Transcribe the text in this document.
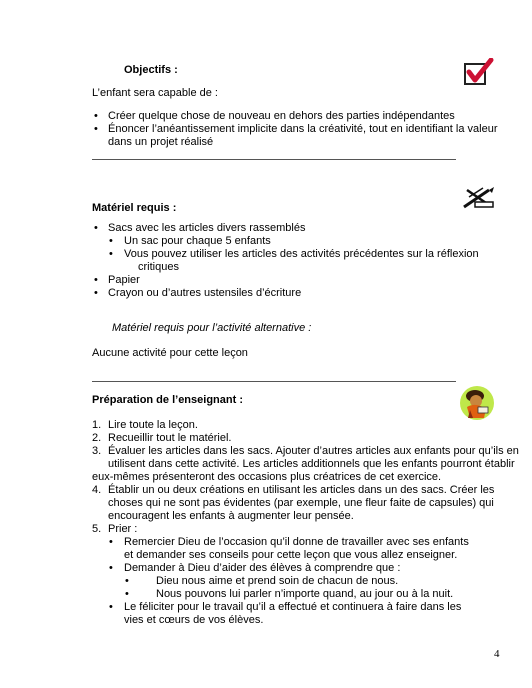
Objectifs :
L’enfant sera capable de :
• Créer quelque chose de nouveau en dehors des parties indépendantes
• Énoncer l’anéantissement implicite dans la créativité, tout en identifiant la valeur
dans un projet réalisé
Matériel requis :
• Sacs avec les articles divers rassemblés
• Un sac pour chaque 5 enfants
• Vous pouvez utiliser les articles des activités précédentes sur la réflexion
critiques
• Papier
• Crayon ou d’autres ustensiles d’écriture
Matériel requis pour l’activité alternative :
Aucune activité pour cette leçon
Préparation de l’enseignant :
1. Lire toute la leçon.
2. Recueillir tout le matériel.
3. Évaluer les articles dans les sacs. Ajouter d’autres articles aux enfants pour qu’ils en
utilisent dans cette activité. Les articles additionnels que les enfants pourront établir
eux-mêmes présenteront des occasions plus créatrices de cet exercice.
4. Établir un ou deux créations en utilisant les articles dans un des sacs. Créer les
choses qui ne sont pas évidentes (par exemple, une fleur faite de capsules) qui
encouragent les enfants à augmenter leur pensée.
5. Prier :
• Remercier Dieu de l’occasion qu’il donne de travailler avec ses enfants
et demander ses conseils pour cette leçon que vous allez enseigner.
• Demander à Dieu d’aider des élèves à comprendre que :
• Dieu nous aime et prend soin de chacun de nous.
• Nous pouvons lui parler n’importe quand, au jour ou à la nuit.
• Le féliciter pour le travail qu’il a effectué et continuera à faire dans les
vies et cœurs de vos élèves.
4
